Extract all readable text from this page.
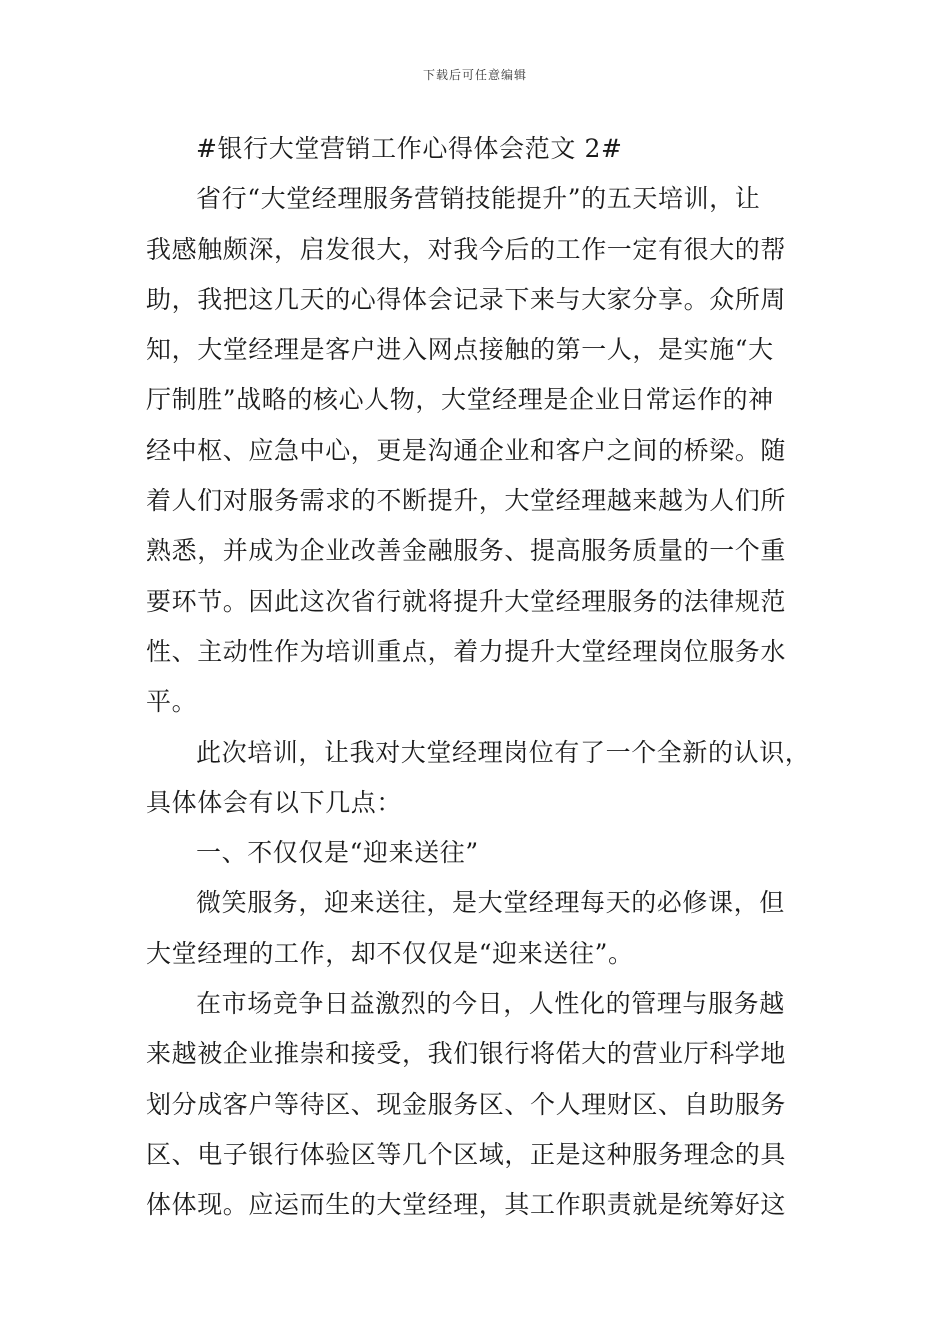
下载后可任意编辑
#银行大堂营销工作心得体会范文 2#
省行“大堂经理服务营销技能提升”的五天培训，让
我感触颇深，启发很大，对我今后的工作一定有很大的帮
助，我把这几天的心得体会记录下来与大家分享。众所周
知，大堂经理是客户进入网点接触的第一人，是实施“大
厅制胜”战略的核心人物，大堂经理是企业日常运作的神
经中枢、应急中心，更是沟通企业和客户之间的桥梁。随
着人们对服务需求的不断提升，大堂经理越来越为人们所
熟悉，并成为企业改善金融服务、提高服务质量的一个重
要环节。因此这次省行就将提升大堂经理服务的法律规范
性、主动性作为培训重点，着力提升大堂经理岗位服务水
平。
此次培训，让我对大堂经理岗位有了一个全新的认识，
具体体会有以下几点：
一、不仅仅是“迎来送往”
微笑服务，迎来送往，是大堂经理每天的必修课，但
大堂经理的工作，却不仅仅是“迎来送往”。
在市场竞争日益激烈的今日，人性化的管理与服务越
来越被企业推崇和接受，我们银行将偌大的营业厅科学地
划分成客户等待区、现金服务区、个人理财区、自助服务
区、电子银行体验区等几个区域，正是这种服务理念的具
体体现。应运而生的大堂经理，其工作职责就是统筹好这
